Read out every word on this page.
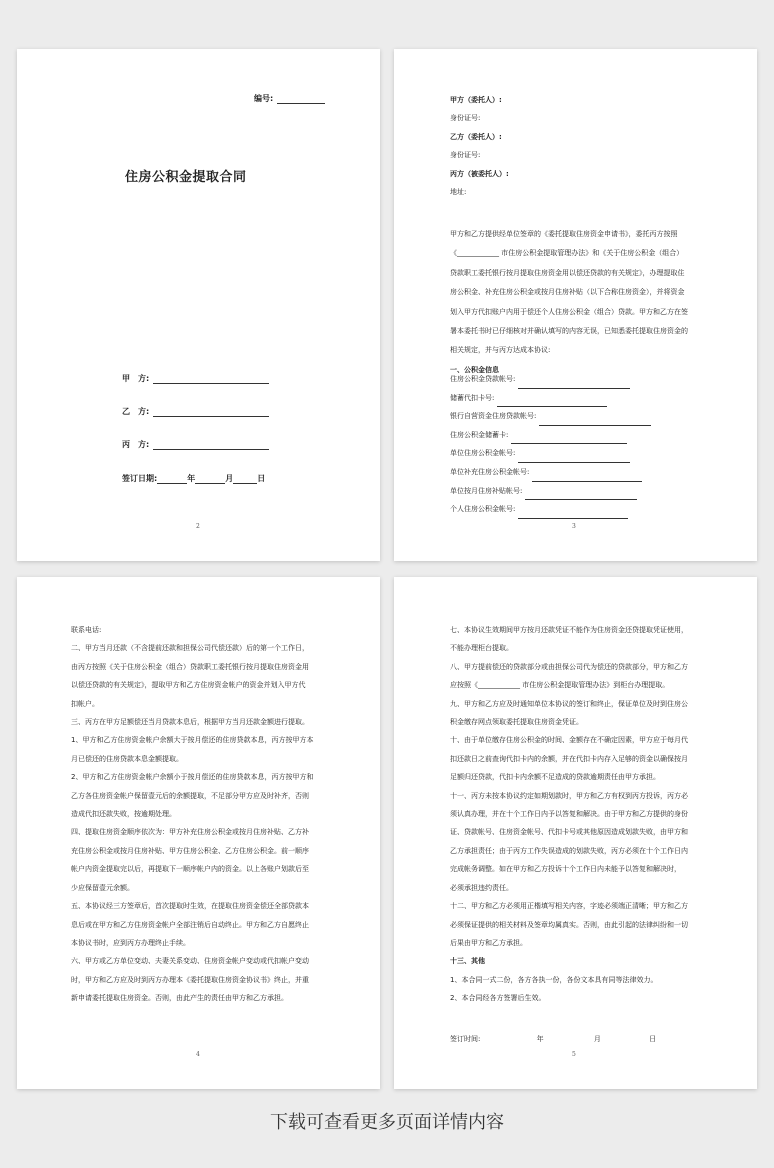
编号:
住房公积金提取合同
甲　方:
乙　方:
丙　方:
签订日期:	年	月	日
2

甲方（委托人）:

身份证号:

乙方（委托人）:

身份证号:

丙方（被委托人）:

地址:

甲方和乙方提供经单位签章的《委托提取住房资金申请书》，委托丙方按照

《____________ 市住房公积金提取管理办法》和《关于住房公积金（组合）

贷款职工委托银行按月提取住房资金用以偿还贷款的有关规定》，办理提取住

房公积金、补充住房公积金或按月住房补贴（以下合称住房资金），并将资金

划入甲方代扣账户内用于偿还个人住房公积金（组合）贷款。甲方和乙方在签

署本委托书时已仔细核对并确认填写的内容无误，已知悉委托提取住房资金的

相关规定，并与丙方达成本协议:

一、公积金信息

住房公积金贷款帐号:

储蓄代扣卡号:

银行自营资金住房贷款帐号:

住房公积金储蓄卡:

单位住房公积金帐号:

单位补充住房公积金帐号:

单位按月住房补贴帐号:

个人住房公积金帐号:

3

联系电话:

二、甲方当月还款（不含提前还款和担保公司代偿还款）后的第一个工作日，

由丙方按照《关于住房公积金（组合）贷款职工委托银行按月提取住房资金用

以偿还贷款的有关规定》，提取甲方和乙方住房资金帐户的资金并划入甲方代

扣帐户。

三、丙方在甲方足额偿还当月贷款本息后，根据甲方当月还款金额进行提取。

1、甲方和乙方住房资金帐户余额大于按月偿还的住房贷款本息，丙方按甲方本

月已偿还的住房贷款本息金额提取。

2、甲方和乙方住房资金帐户余额小于按月偿还的住房贷款本息，丙方按甲方和

乙方各住房资金帐户保留壹元后的余额提取，不足部分甲方应及时补齐，否则

造成代扣还款失败，按逾期处理。

四、提取住房资金顺序依次为：甲方补充住房公积金或按月住房补贴、乙方补

充住房公积金或按月住房补贴、甲方住房公积金、乙方住房公积金。前一顺序

帐户内资金提取完以后，再提取下一顺序帐户内的资金。以上各账户划款后至

少应保留壹元余额。

五、本协议经三方签章后，首次提取时生效，在提取住房资金偿还全部贷款本

息后或在甲方和乙方住房资金帐户全部注销后自动终止。甲方和乙方自愿终止

本协议书时，应到丙方办理终止手续。

六、甲方或乙方单位变动、夫妻关系变动、住房资金帐户变动或代扣帐户变动

时，甲方和乙方应及时到丙方办理本《委托提取住房资金协议书》终止，并重

新申请委托提取住房资金。否则，由此产生的责任由甲方和乙方承担。

4

七、本协议生效期间甲方按月还款凭证不能作为住房资金还贷提取凭证使用，

不能办理柜台提取。

八、甲方提前偿还的贷款部分或由担保公司代为偿还的贷款部分，甲方和乙方

应按照《____________ 市住房公积金提取管理办法》到柜台办理提取。

九、甲方和乙方应及时通知单位本协议的签订和终止，保证单位及时到住房公

积金缴存网点领取委托提取住房资金凭证。

十、由于单位缴存住房公积金的时间、金额存在不确定因素，甲方应于每月代

扣还款日之前查询代扣卡内的余额，并在代扣卡内存入足够的资金以确保按月

足额归还贷款，代扣卡内余额不足造成的贷款逾期责任由甲方承担。

十一、丙方未按本协议约定如期划款时，甲方和乙方有权到丙方投诉，丙方必

须认真办理，并在十个工作日内予以答复和解决。由于甲方和乙方提供的身份

证、贷款帐号、住房资金帐号、代扣卡号或其他原因造成划款失败，由甲方和

乙方承担责任；由于丙方工作失误造成的划款失败，丙方必须在十个工作日内

完成帐务调整。如在甲方和乙方投诉十个工作日内未能予以答复和解决时，

必须承担违约责任。

十二、甲方和乙方必须用正楷填写相关内容，字迹必须端正清晰；甲方和乙方

必须保证提供的相关材料及签章均属真实。否则，由此引起的法律纠纷和一切

后果由甲方和乙方承担。

十三、其他

1、本合同一式二份，各方各执一份，各份文本具有同等法律效力。

2、本合同经各方签署后生效。

签订时间:	年	月	日
5
下载可查看更多页面详情内容
